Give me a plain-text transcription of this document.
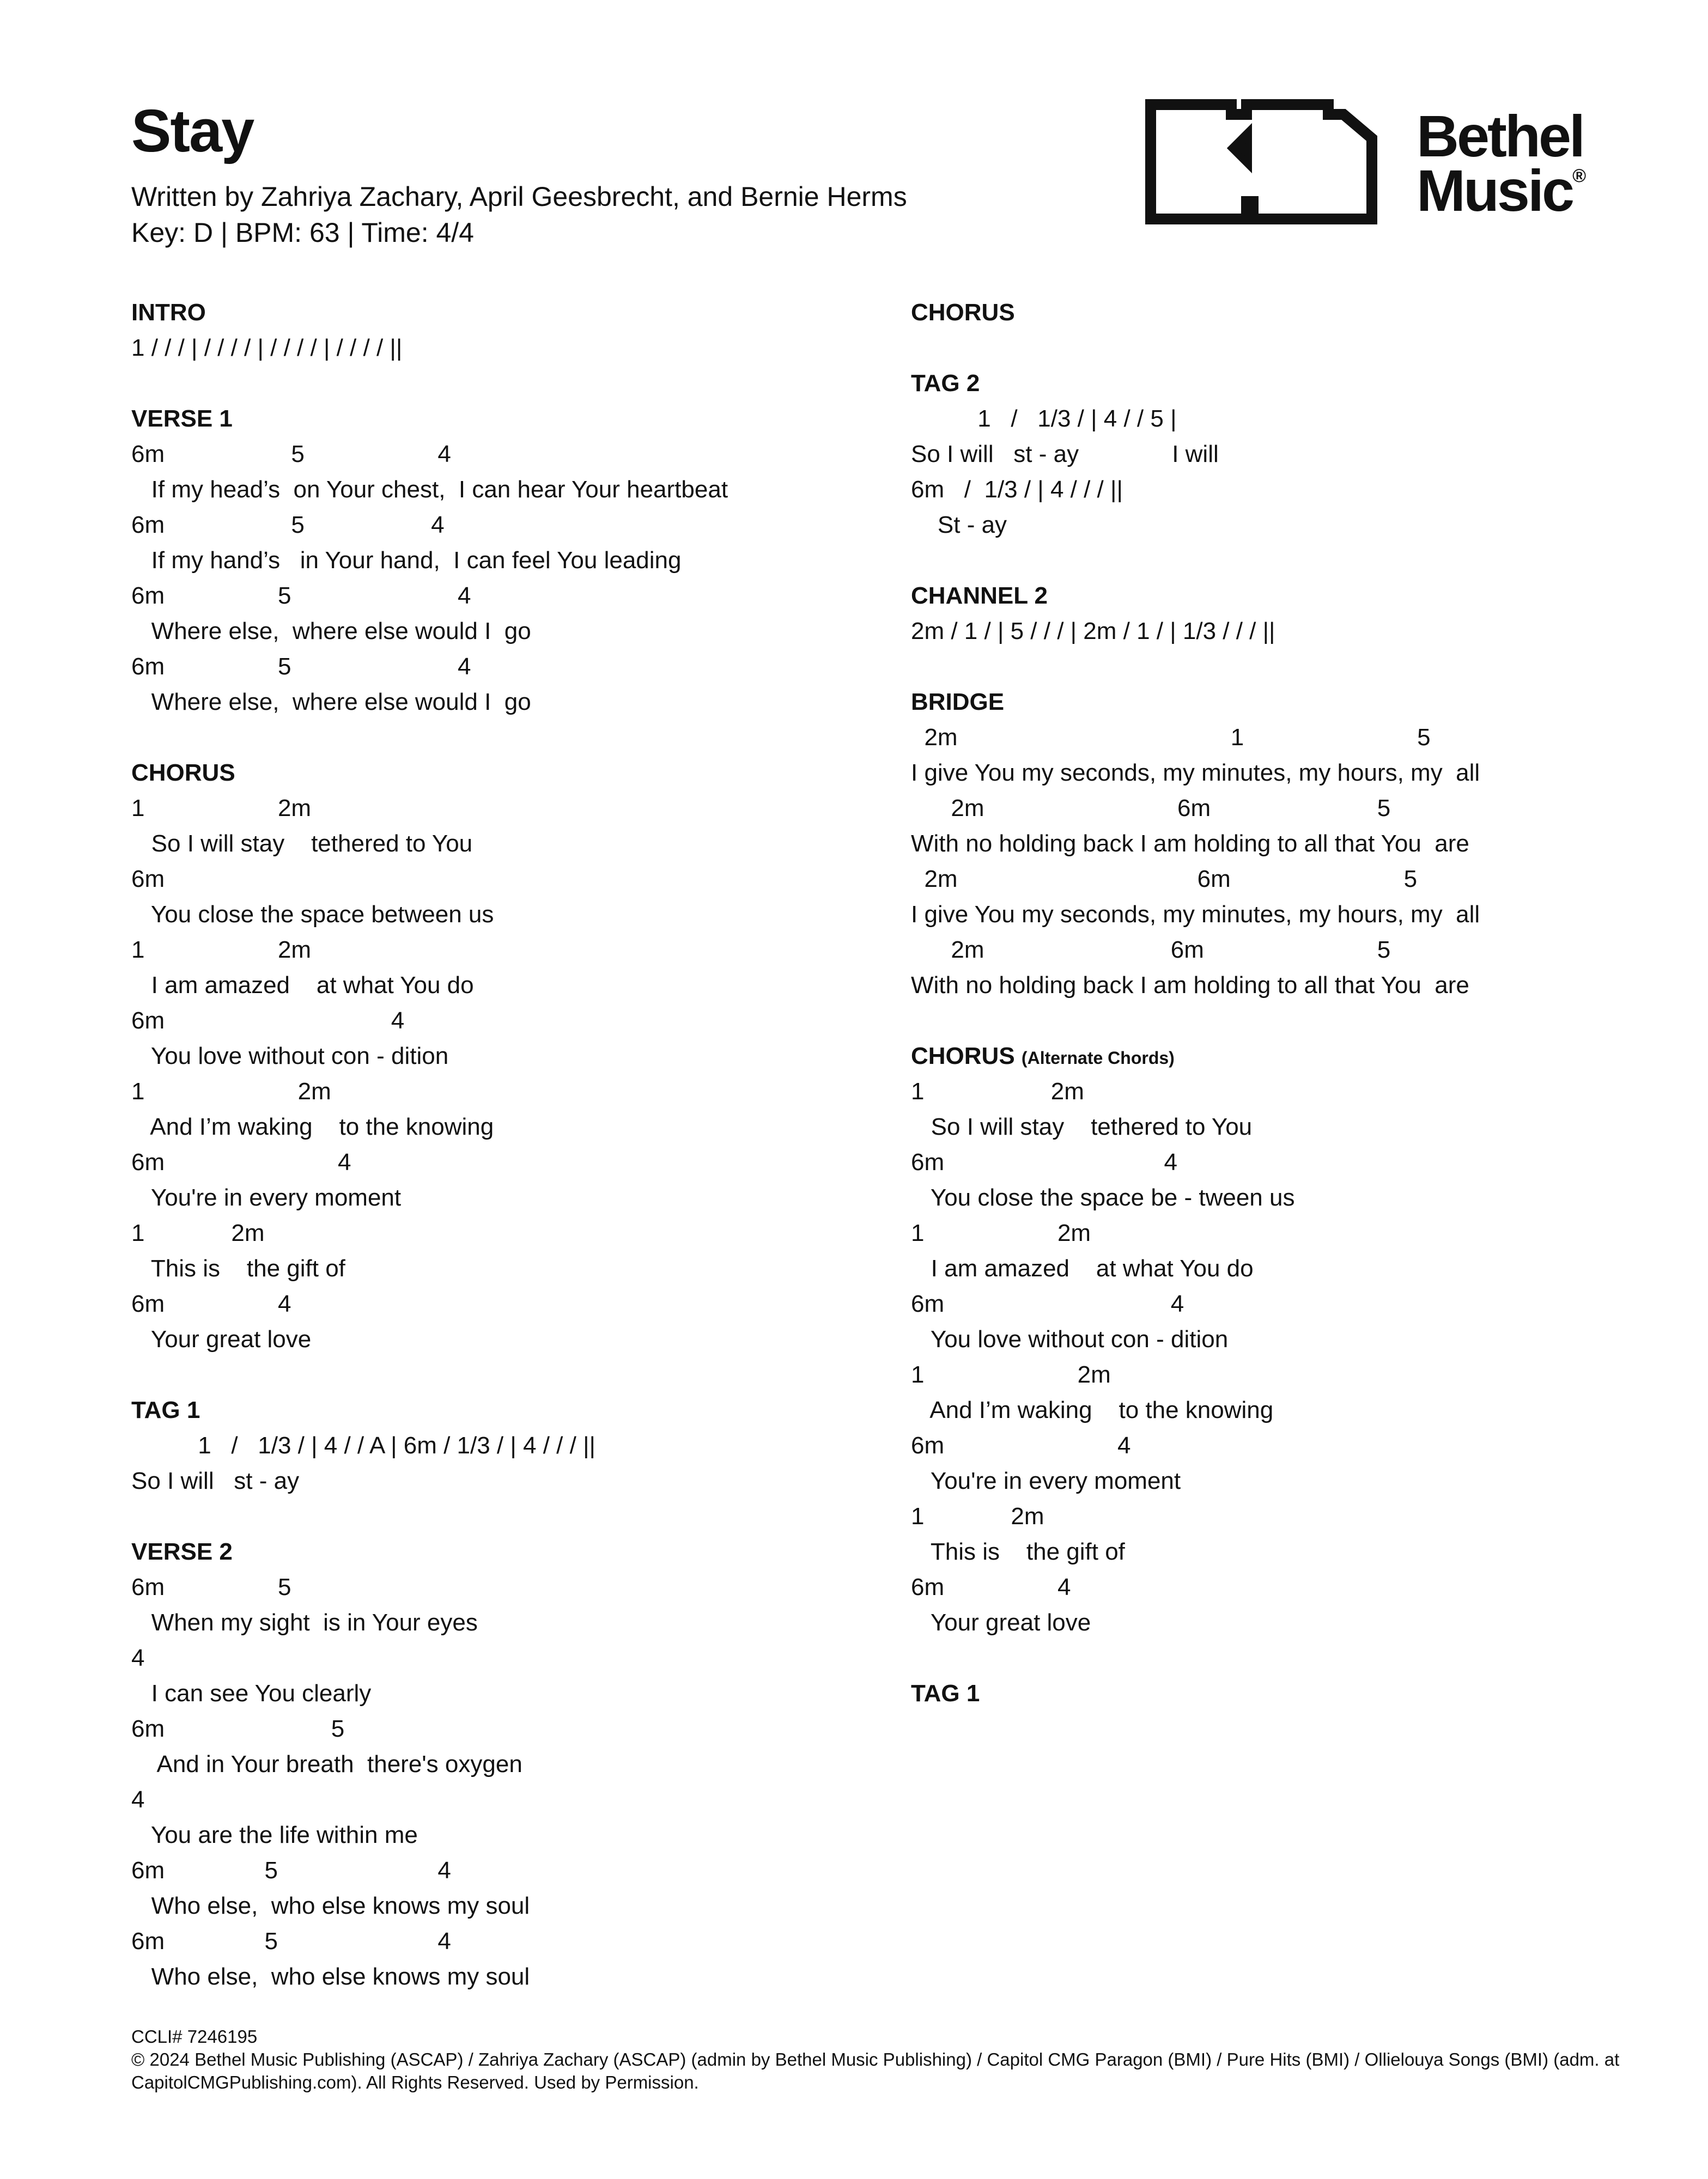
Stay
Written by Zahriya Zachary, April Geesbrecht, and Bernie Herms
Key: D | BPM: 63 | Time: 4/4
Bethel
Music®
INTRO
1 / / / | / / / / | / / / / | / / / / ||
VERSE 1
6m                   5                    4
If my head’s  on Your chest,  I can hear Your heartbeat
6m                   5                   4
If my hand’s   in Your hand,  I can feel You leading
6m                 5                         4
Where else,  where else would I  go
6m                 5                         4
Where else,  where else would I  go
CHORUS
1                    2m
So I will stay    tethered to You
6m
You close the space between us
1                    2m
I am amazed    at what You do
6m                                  4
You love without con - dition
1                       2m
And I’m waking    to the knowing
6m                          4
You're in every moment
1             2m
This is    the gift of
6m                 4
Your great love
TAG 1
1   /   1/3 / | 4 / / A | 6m / 1/3 / | 4 / / / ||
So I will   st - ay
VERSE 2
6m                 5
When my sight  is in Your eyes
4
I can see You clearly
6m                         5
And in Your breath  there's oxygen
4
You are the life within me
6m               5                        4
Who else,  who else knows my soul
6m               5                        4
Who else,  who else knows my soul
CHORUS
TAG 2
1   /   1/3 / | 4 / / 5 |
So I will   st - ay              I will
6m   /  1/3 / | 4 / / / ||
St - ay
CHANNEL 2
2m / 1 / | 5 / / / | 2m / 1 / | 1/3 / / / ||
BRIDGE
2m                                         1                          5
I give You my seconds, my minutes, my hours, my  all
2m                             6m                         5
With no holding back I am holding to all that You  are
2m                                    6m                          5
I give You my seconds, my minutes, my hours, my  all
2m                            6m                          5
With no holding back I am holding to all that You  are
CHORUS (Alternate Chords)
1                   2m
So I will stay    tethered to You
6m                                 4
You close the space be - tween us
1                    2m
I am amazed    at what You do
6m                                  4
You love without con - dition
1                       2m
And I’m waking    to the knowing
6m                          4
You're in every moment
1             2m
This is    the gift of
6m                 4
Your great love
TAG 1
CCLI# 7246195
© 2024 Bethel Music Publishing (ASCAP) / Zahriya Zachary (ASCAP) (admin by Bethel Music Publishing) / Capitol CMG Paragon (BMI) / Pure Hits (BMI) / Ollielouya Songs (BMI) (adm. at CapitolCMGPublishing.com). All Rights Reserved. Used by Permission.
